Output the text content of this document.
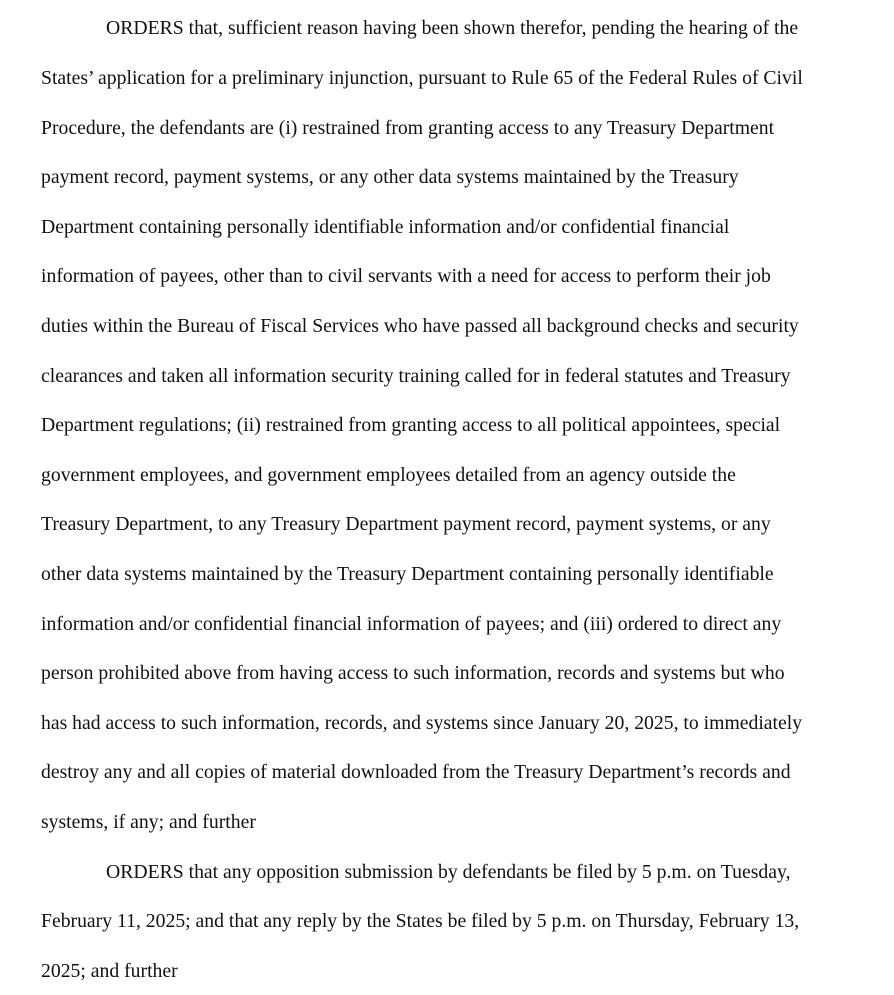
ORDERS that, sufficient reason having been shown therefor, pending the hearing of the

States’ application for a preliminary injunction, pursuant to Rule 65 of the Federal Rules of Civil

Procedure, the defendants are (i) restrained from granting access to any Treasury Department

payment record, payment systems, or any other data systems maintained by the Treasury

Department containing personally identifiable information and/or confidential financial

information of payees, other than to civil servants with a need for access to perform their job

duties within the Bureau of Fiscal Services who have passed all background checks and security

clearances and taken all information security training called for in federal statutes and Treasury

Department regulations; (ii) restrained from granting access to all political appointees, special

government employees, and government employees detailed from an agency outside the

Treasury Department, to any Treasury Department payment record, payment systems, or any

other data systems maintained by the Treasury Department containing personally identifiable

information and/or confidential financial information of payees; and (iii) ordered to direct any

person prohibited above from having access to such information, records and systems but who

has had access to such information, records, and systems since January 20, 2025, to immediately

destroy any and all copies of material downloaded from the Treasury Department’s records and

systems, if any; and further

ORDERS that any opposition submission by defendants be filed by 5 p.m. on Tuesday,

February 11, 2025; and that any reply by the States be filed by 5 p.m. on Thursday, February 13,

2025; and further
